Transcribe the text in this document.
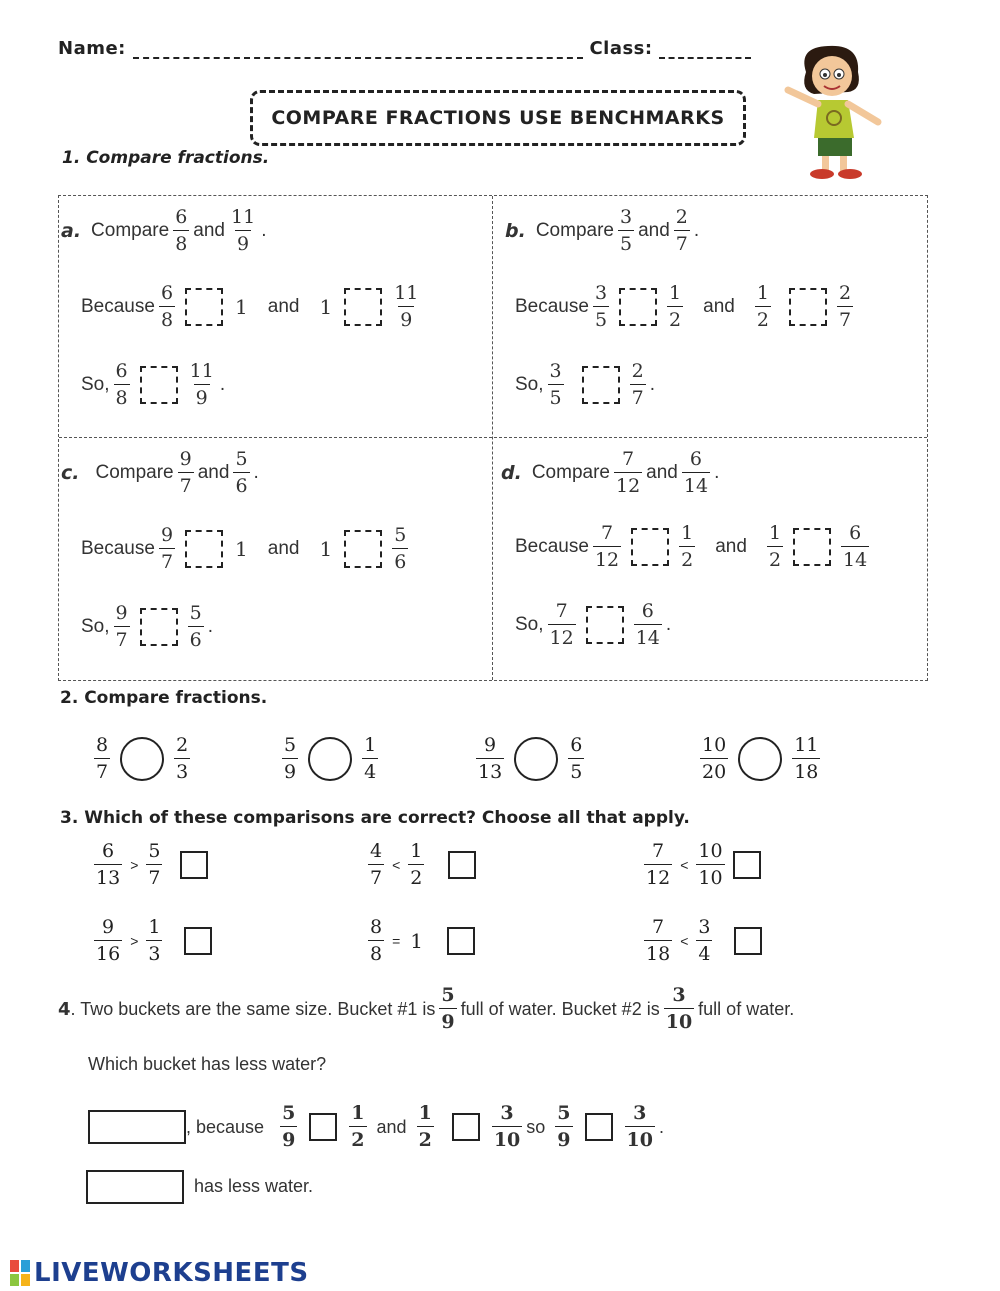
Name:	Class:
COMPARE FRACTIONS USE BENCHMARKS
1. Compare fractions.
a. Compare $\frac{6}{8}$ and $\frac{11}{9}$ .
Because $\frac{6}{8}$	1 and 1	$\frac{11}{9}$
So, $\frac{6}{8}$	$\frac{11}{9}$ .
b. Compare $\frac{3}{5}$ and $\frac{2}{7}$ .
Because $\frac{3}{5}$	$\frac{1}{2}$ and $\frac{1}{2}$	$\frac{2}{7}$
So, $\frac{3}{5}$	$\frac{2}{7}$ .
c. Compare $\frac{9}{7}$ and $\frac{5}{6}$ .
Because $\frac{9}{7}$	1 and 1	$\frac{5}{6}$
So, $\frac{9}{7}$	$\frac{5}{6}$ .
d. Compare $\frac{7}{12}$ and $\frac{6}{14}$ .
Because $\frac{7}{12}$	$\frac{1}{2}$ and $\frac{1}{2}$	$\frac{6}{14}$
So, $\frac{7}{12}$	$\frac{6}{14}$ .
2. Compare fractions.
$\frac{8}{7}$	$\frac{2}{3}$	$\frac{5}{9}$	$\frac{1}{4}$	$\frac{9}{13}$	$\frac{6}{5}$	$\frac{10}{20}$	$\frac{11}{18}$
3. Which of these comparisons are correct? Choose all that apply.
$\frac{6}{13} > \frac{5}{7}$	$\frac{4}{7} < \frac{1}{2}$	$\frac{7}{12} < \frac{10}{10}$
$\frac{9}{16} > \frac{1}{3}$	$\frac{8}{8} = 1$	$\frac{7}{18} < \frac{3}{4}$
4 . Two buckets are the same size. Bucket #1 is $\frac{5}{9}$ full of water. Bucket #2 is $\frac{3}{10}$ full of water.
Which bucket has less water?
, because $\frac{5}{9}$	$\frac{1}{2}$ and $\frac{1}{2}$	$\frac{3}{10}$ so $\frac{5}{9}$	$\frac{3}{10}$ .
has less water.
LIVEWORKSHEETS
